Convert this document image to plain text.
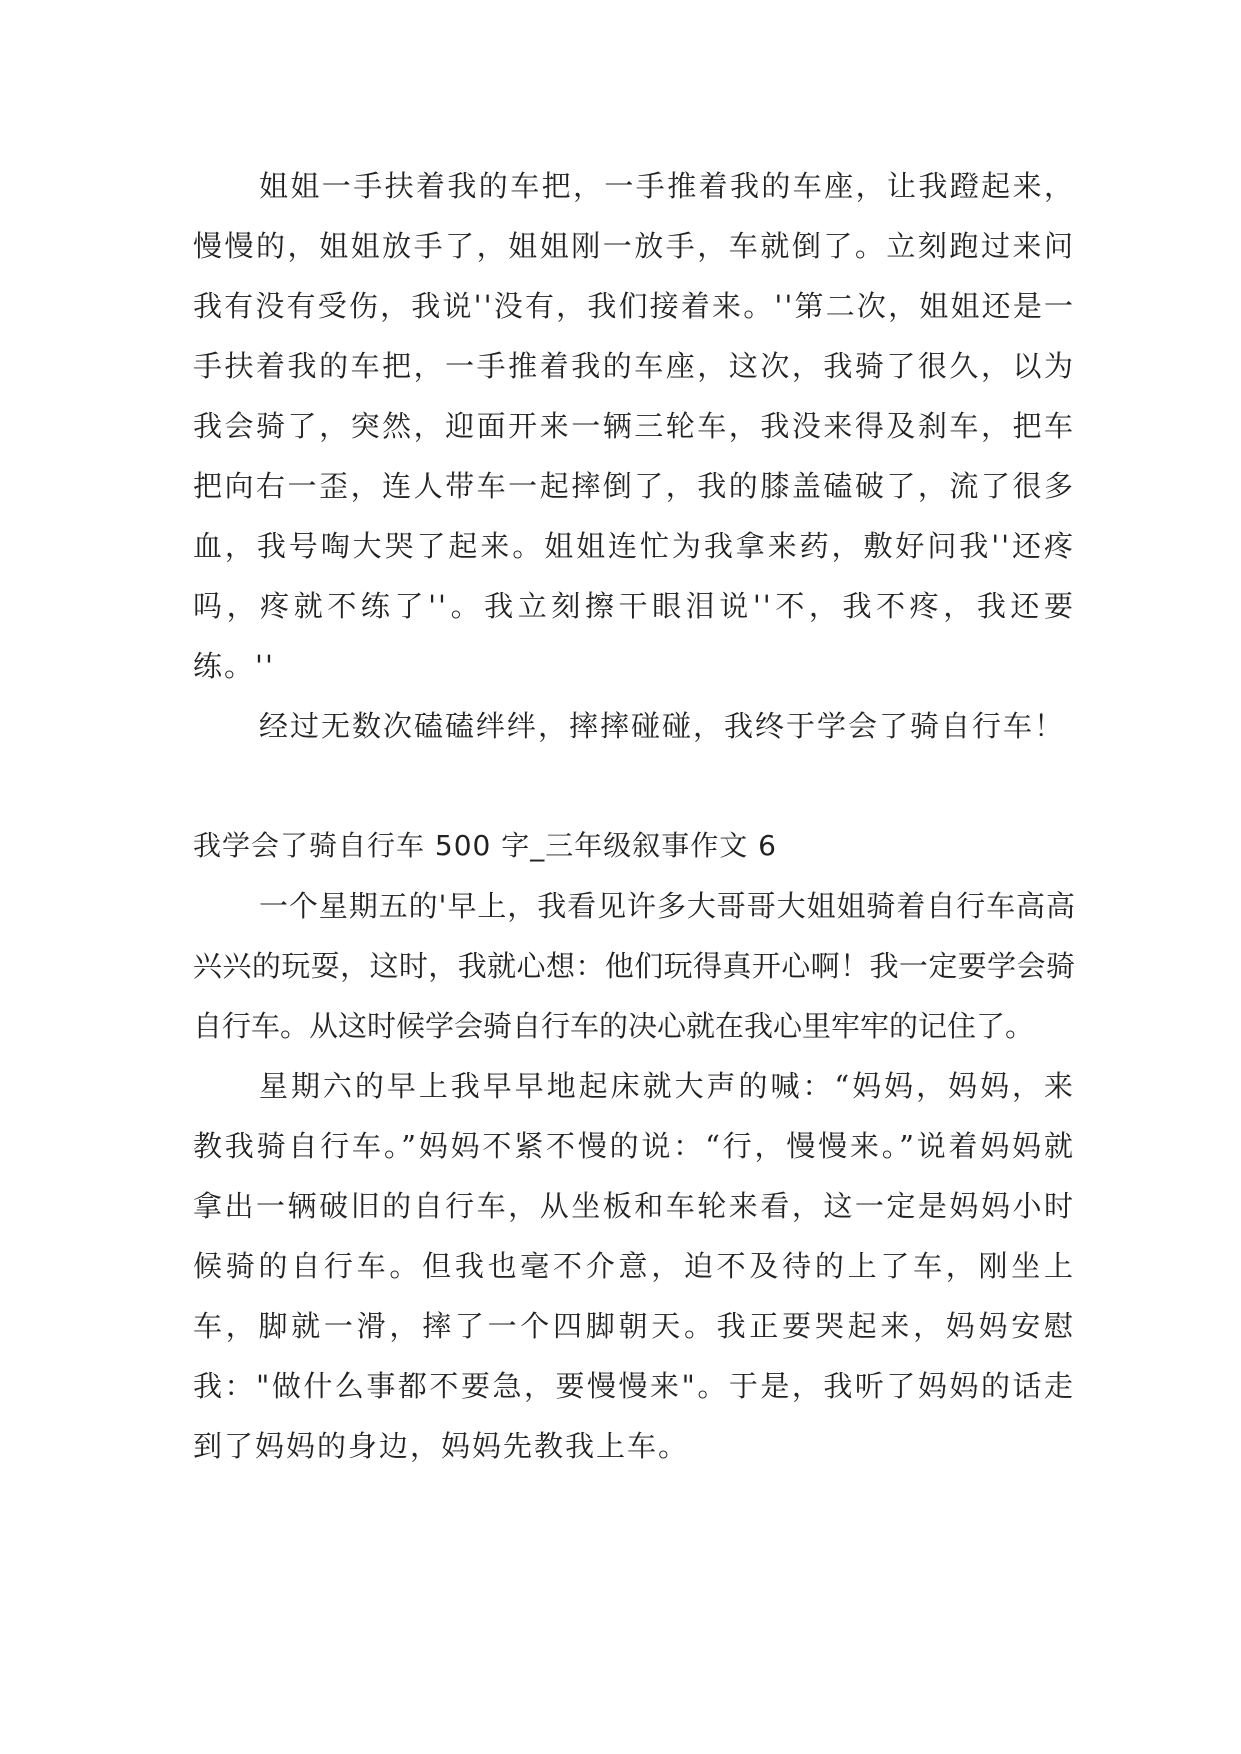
姐姐一手扶着我的车把，一手推着我的车座，让我蹬起来，慢慢的，姐姐放手了，姐姐刚一放手，车就倒了。立刻跑过来问我有没有受伤，我说''没有，我们接着来。''第二次，姐姐还是一手扶着我的车把，一手推着我的车座，这次，我骑了很久，以为我会骑了，突然，迎面开来一辆三轮车，我没来得及刹车，把车把向右一歪，连人带车一起摔倒了，我的膝盖磕破了，流了很多血，我号啕大哭了起来。姐姐连忙为我拿来药，敷好问我''还疼吗，疼就不练了''。我立刻擦干眼泪说''不，我不疼，我还要练。''

经过无数次磕磕绊绊，摔摔碰碰，我终于学会了骑自行车！

我学会了骑自行车 500 字_三年级叙事作文 6

一个星期五的'早上，我看见许多大哥哥大姐姐骑着自行车高高兴兴的玩耍，这时，我就心想：他们玩得真开心啊！我一定要学会骑自行车。从这时候学会骑自行车的决心就在我心里牢牢的记住了。

星期六的早上我早早地起床就大声的喊：“妈妈，妈妈，来教我骑自行车。”妈妈不紧不慢的说：“行，慢慢来。”说着妈妈就拿出一辆破旧的自行车，从坐板和车轮来看，这一定是妈妈小时候骑的自行车。但我也毫不介意，迫不及待的上了车，刚坐上车，脚就一滑，摔了一个四脚朝天。我正要哭起来，妈妈安慰我："做什么事都不要急，要慢慢来"。于是，我听了妈妈的话走到了妈妈的身边，妈妈先教我上车。
